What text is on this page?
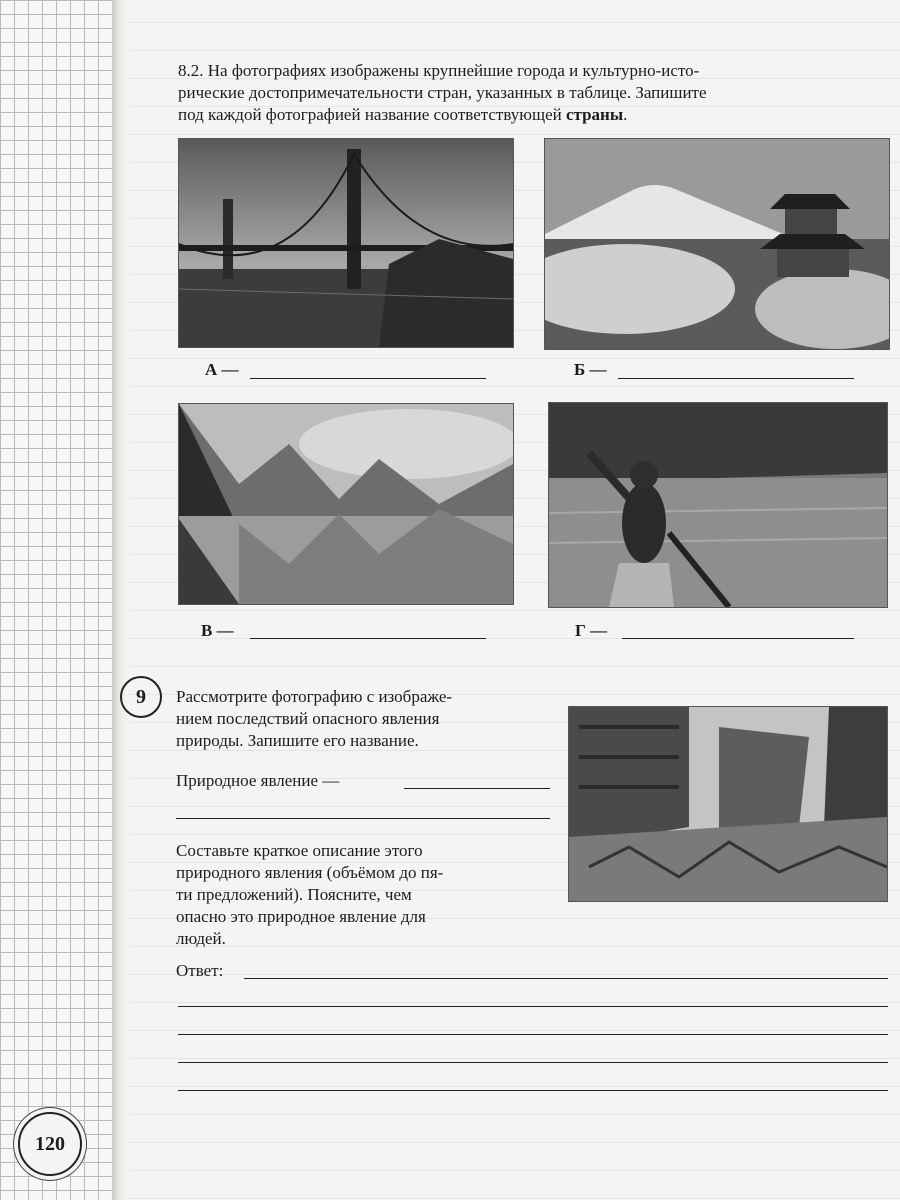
8.2. На фотографиях изображены крупнейшие города и культурно-исто-
рические достопримечательности стран, указанных в таблице. Запишите
под каждой фотографией название соответствующей страны.
А —	Б —
В —	Г —
9	Рассмотрите фотографию с изображе-
нием последствий опасного явления
природы. Запишите его название.
Природное явление —
Составьте краткое описание этого
природного явления (объёмом до пя-
ти предложений). Поясните, чем
опасно это природное явление для
людей.
Ответ:
120
